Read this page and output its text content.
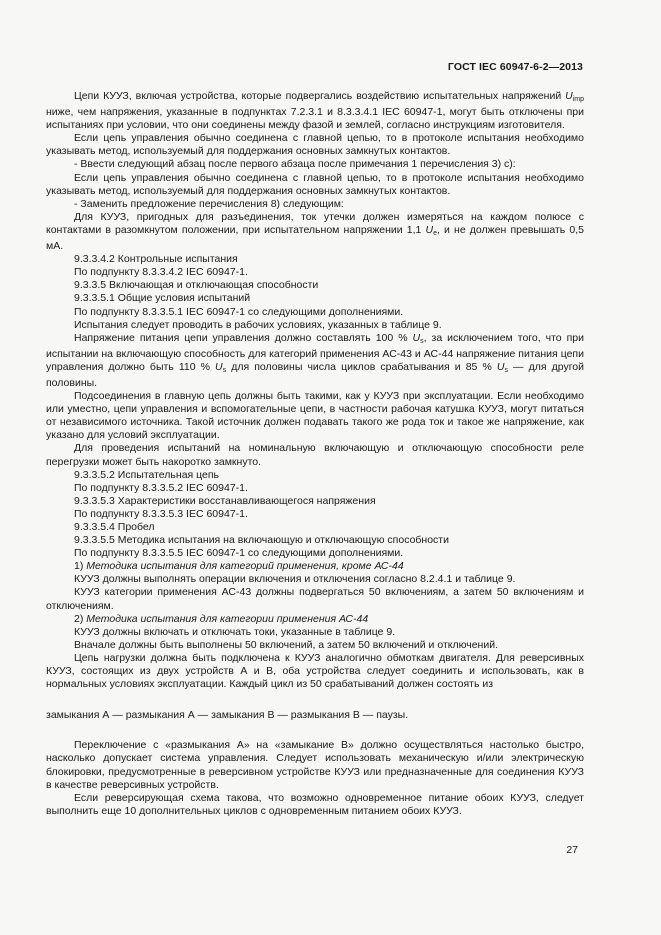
ГОСТ IEC 60947-6-2—2013

Цепи КУУЗ, включая устройства, которые подвергались воздействию испытательных напряжений $U_{imp}$ ниже, чем напряжения, указанные в подпунктах 7.2.3.1 и 8.3.3.4.1 IEC 60947-1, могут быть отключены при испытаниях при условии, что они соединены между фазой и землей, согласно инструкциям изготовителя.

Если цепь управления обычно соединена с главной цепью, то в протоколе испытания необходимо указывать метод, используемый для поддержания основных замкнутых контактов.

- Ввести следующий абзац после первого абзаца после примечания 1 перечисления 3) с):

Если цепь управления обычно соединена с главной цепью, то в протоколе испытания необходимо указывать метод, используемый для поддержания основных замкнутых контактов.

- Заменить предложение перечисления 8) следующим:

Для КУУЗ, пригодных для разъединения, ток утечки должен измеряться на каждом полюсе с контактами в разомкнутом положении, при испытательном напряжении 1,1 $U_e$, и не должен превышать 0,5 мА.

9.3.3.4.2 Контрольные испытания

По подпункту 8.3.3.4.2 IEC 60947-1.

9.3.3.5 Включающая и отключающая способности

9.3.3.5.1 Общие условия испытаний

По подпункту 8.3.3.5.1 IEC 60947-1 со следующими дополнениями.

Испытания следует проводить в рабочих условиях, указанных в таблице 9.

Напряжение питания цепи управления должно составлять 100 % $U_s$, за исключением того, что при испытании на включающую способность для категорий применения АС-43 и АС-44 напряжение питания цепи управления должно быть 110 % $U_s$ для половины числа циклов срабатывания и 85 % $U_s$ — для другой половины.

Подсоединения в главную цепь должны быть такими, как у КУУЗ при эксплуатации. Если необходимо или уместно, цепи управления и вспомогательные цепи, в частности рабочая катушка КУУЗ, могут питаться от независимого источника. Такой источник должен подавать такого же рода ток и такое же напряжение, как указано для условий эксплуатации.

Для проведения испытаний на номинальную включающую и отключающую способности реле перегрузки может быть накоротко замкнуто.

9.3.3.5.2 Испытательная цепь

По подпункту 8.3.3.5.2 IEC 60947-1.

9.3.3.5.3 Характеристики восстанавливающегося напряжения

По подпункту 8.3.3.5.3 IEC 60947-1.

9.3.3.5.4 Пробел

9.3.3.5.5 Методика испытания на включающую и отключающую способности

По подпункту 8.3.3.5.5 IEC 60947-1 со следующими дополнениями.

1) Методика испытания для категорий применения, кроме АС-44

КУУЗ должны выполнять операции включения и отключения согласно 8.2.4.1 и таблице 9.

КУУЗ категории применения АС-43 должны подвергаться 50 включениям, а затем 50 включениям и отключениям.

2) Методика испытания для категории применения АС-44

КУУЗ должны включать и отключать токи, указанные в таблице 9.

Вначале должны быть выполнены 50 включений, а затем 50 включений и отключений.

Цепь нагрузки должна быть подключена к КУУЗ аналогично обмоткам двигателя. Для реверсивных КУУЗ, состоящих из двух устройств А и В, оба устройства следует соединить и использовать, как в нормальных условиях эксплуатации. Каждый цикл из 50 срабатываний должен состоять из

замыкания А — размыкания А — замыкания В — размыкания В — паузы.

Переключение с «размыкания А» на «замыкание В» должно осуществляться настолько быстро, насколько допускает система управления. Следует использовать механическую и/или электрическую блокировки, предусмотренные в реверсивном устройстве КУУЗ или предназначенные для соединения КУУЗ в качестве реверсивных устройств.

Если реверсирующая схема такова, что возможно одновременное питание обоих КУУЗ, следует выполнить еще 10 дополнительных циклов с одновременным питанием обоих КУУЗ.

27
